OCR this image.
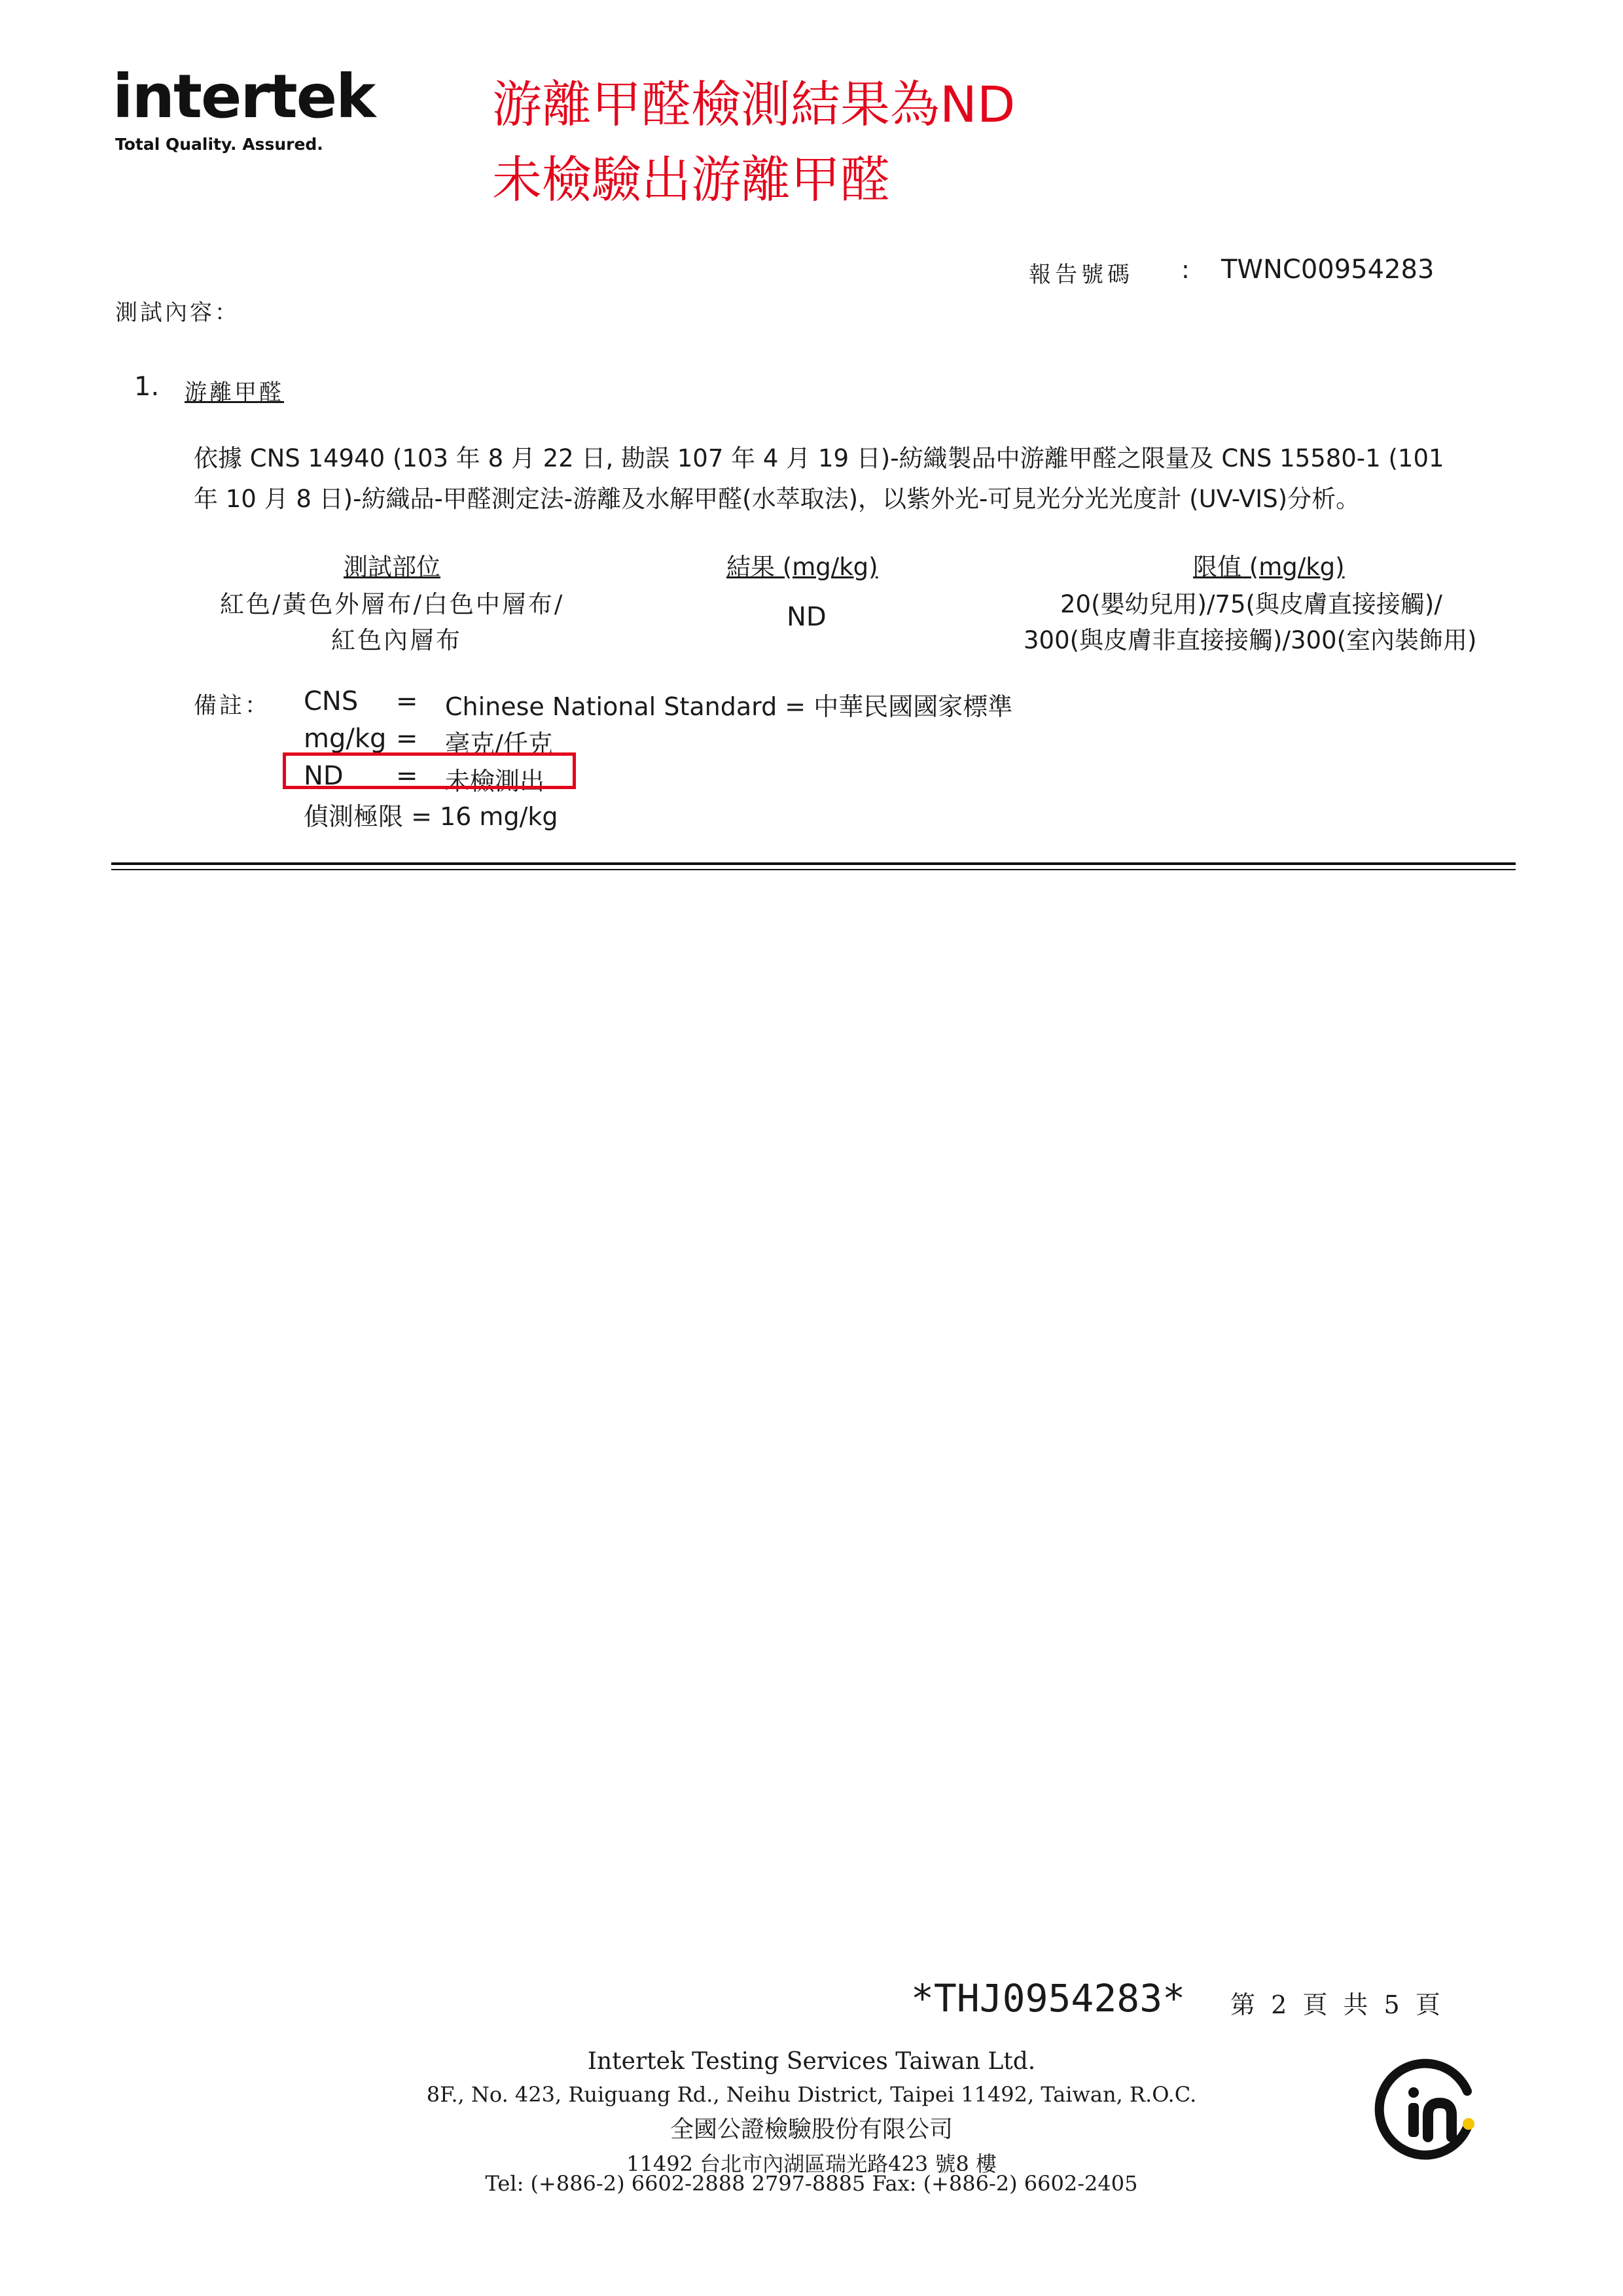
intertek
Total Quality. Assured.
游離甲醛檢測結果為ND
未檢驗出游離甲醛
報告號碼 : TWNC00954283
測試內容：
1. 游離甲醛
依據 CNS 14940 (103 年 8 月 22 日, 勘誤 107 年 4 月 19 日)-紡織製品中游離甲醛之限量及 CNS 15580-1 (101
年 10 月 8 日)-紡織品-甲醛測定法-游離及水解甲醛(水萃取法)，以紫外光-可見光分光光度計 (UV-VIS)分析。
測試部位	結果 (mg/kg)	限值 (mg/kg)
紅色/黃色外層布/白色中層布/
紅色內層布
ND	20(嬰幼兒用)/75(與皮膚直接接觸)/
300(與皮膚非直接接觸)/300(室內裝飾用)
備註： CNS = Chinese National Standard = 中華民國國家標準
mg/kg = 毫克/仟克
ND = 未檢測出
偵測極限 = 16 mg/kg
*THJ0954283* 第 2 頁 共 5 頁
Intertek Testing Services Taiwan Ltd.
8F., No. 423, Ruiguang Rd., Neihu District, Taipei 11492, Taiwan, R.O.C.
全國公證檢驗股份有限公司
11492 台北市內湖區瑞光路423 號8 樓
Tel: (+886-2) 6602-2888 2797-8885 Fax: (+886-2) 6602-2405
